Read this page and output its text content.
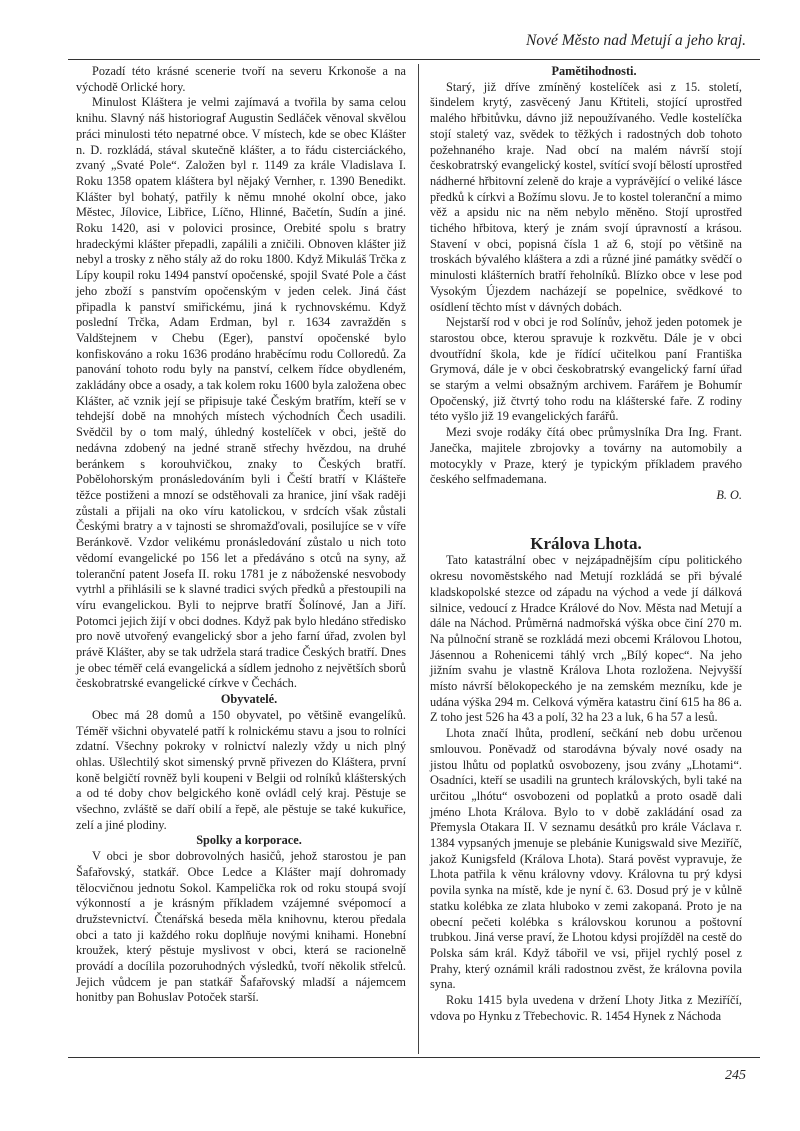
Nové Město nad Metují a jeho kraj.

Pozadí této krásné scenerie tvoří na severu Krkonoše a na východě Orlické hory.

Minulost Kláštera je velmi zajímavá a tvořila by sama celou knihu. Slavný náš historiograf Augustin Sedláček věnoval skvělou práci minulosti této nepatrné obce. V místech, kde se obec Klášter n. D. rozkládá, stával skutečně klášter, a to řádu cisterciáckého, zvaný „Svaté Pole“. Založen byl r. 1149 za krále Vladislava I. Roku 1358 opatem kláštera byl nějaký Vernher, r. 1390 Benedikt. Klášter byl bohatý, patřily k němu mnohé okolní obce, jako Městec, Jílovice, Libřice, Líčno, Hlinné, Bačetín, Sudín a jiné. Roku 1420, asi v polovici prosince, Orebité spolu s bratry hradeckými klášter přepadli, zapálili a zničili. Obnoven klášter již nebyl a trosky z něho stály až do roku 1800. Když Mikuláš Trčka z Lípy koupil roku 1494 panství opočenské, spojil Svaté Pole a část jeho zboží s panstvím opočenským v jeden celek. Jiná část připadla k panství smiřickému, jiná k rychnovskému. Když poslední Trčka, Adam Erdman, byl r. 1634 zavražděn s Valdštejnem v Chebu (Eger), panství opočenské bylo konfiskováno a roku 1636 prodáno hraběcímu rodu Colloredů. Za panování tohoto rodu byly na panství, celkem řídce obydleném, zakládány obce a osady, a tak kolem roku 1600 byla založena obec Klášter, ač vznik její se připisuje také Českým bratřím, kteří se v tehdejší době na mnohých místech východních Čech usadili. Svědčil by o tom malý, úhledný kostelíček v obci, ještě do nedávna zdobený na jedné straně střechy hvězdou, na druhé beránkem s korouhvičkou, znaky to Českých bratří. Pobělohorským pronásledováním byli i Čeští bratří v Klášteře těžce postiženi a mnozí se odstěhovali za hranice, jiní však raději zůstali a přijali na oko víru katolickou, v srdcích však zůstali Českými bratry a v tajnosti se shromažďovali, posilujíce se v víře Beránkově. Vzdor velikému pronásledování zůstalo u nich toto vědomí evangelické po 156 let a předáváno s otců na syny, až toleranční patent Josefa II. roku 1781 je z náboženské nesvobody vytrhl a přihlásili se k slavné tradici svých předků a přestoupili na víru evangelickou. Byli to nejprve bratří Šolínové, Jan a Jiří. Potomci jejich žijí v obci dodnes. Když pak bylo hledáno středisko pro nově utvořený evangelický sbor a jeho farní úřad, zvolen byl právě Klášter, aby se tak udržela stará tradice Českých bratří. Dnes je obec téměř celá evangelická a sídlem jednoho z největších sborů českobratrské evangelické církve v Čechách.

Obyvatelé.

Obec má 28 domů a 150 obyvatel, po většině evangelíků. Téměř všichni obyvatelé patří k rolnickému stavu a jsou to rolníci zdatní. Všechny pokroky v rolnictví nalezly vždy u nich plný ohlas. Ušlechtilý skot simenský prvně přivezen do Kláštera, první koně belgičtí rovněž byli koupeni v Belgii od rolníků klášterských a od té doby chov belgického koně ovládl celý kraj. Pěstuje se všechno, zvláště se daří obilí a řepě, ale pěstuje se také kukuřice, zelí a jiné plodiny.

Spolky a korporace.

V obci je sbor dobrovolných hasičů, jehož starostou je pan Šafařovský, statkář. Obce Ledce a Klášter mají dohromady tělocvičnou jednotu Sokol. Kampelička rok od roku stoupá svojí výkonností a je krásným příkladem vzájemné svépomocí a družstevnictví. Čtenářská beseda měla knihovnu, kterou předala obci a tato ji každého roku doplňuje novými knihami. Honební kroužek, který pěstuje myslivost v obci, která se racionelně provádí a docílila pozoruhodných výsledků, tvoří několik střelců. Jejich vůdcem je pan statkář Šafařovský mladší a nájemcem honitby pan Bohuslav Potoček starší.

Pamětihodnosti.

Starý, již dříve zmíněný kostelíček asi z 15. století, šindelem krytý, zasvěcený Janu Křtiteli, stojící uprostřed malého hřbitůvku, dávno již nepoužívaného. Vedle kostelíčka stojí staletý vaz, svědek to těžkých i radostných dob tohoto požehnaného kraje. Nad obcí na malém návrší stojí českobratrský evangelický kostel, svítící svojí bělostí uprostřed nádherné hřbitovní zeleně do kraje a vyprávějící o veliké lásce předků k církvi a Božímu slovu. Je to kostel toleranční a mimo věž a apsidu nic na něm nebylo měněno. Stojí uprostřed tichého hřbitova, který je znám svojí úpravností a krásou. Stavení v obci, popisná čísla 1 až 6, stojí po většině na troskách bývalého kláštera a zdi a různé jiné památky svědčí o minulosti klášterních bratří řeholníků. Blízko obce v lese pod Vysokým Újezdem nacházejí se popelnice, svědkové to osídlení těchto míst v dávných dobách.

Nejstarší rod v obci je rod Solínův, jehož jeden potomek je starostou obce, kterou spravuje k rozkvětu. Dále je v obci dvoutřídní škola, kde je řídící učitelkou paní Františka Grymová, dále je v obci českobratrský evangelický farní úřad se starým a velmi obsažným archivem. Farářem je Bohumír Opočenský, již čtvrtý toho rodu na klášterské faře. Z rodiny této vyšlo již 19 evangelických farářů.

Mezi svoje rodáky čítá obec průmyslníka Dra Ing. Frant. Janečka, majitele zbrojovky a továrny na automobily a motocykly v Praze, který je typickým příkladem pravého českého selfmademana.

B. O.

Králova Lhota.

Tato katastrální obec v nejzápadnějším cípu politického okresu novoměstského nad Metují rozkládá se při bývalé kladskopolské stezce od západu na východ a vede jí dálková silnice, vedoucí z Hradce Králové do Nov. Města nad Metují a dále na Náchod. Průměrná nadmořská výška obce činí 270 m. Na půlnoční straně se rozkládá mezi obcemi Královou Lhotou, Jásennou a Rohenicemi táhlý vrch „Bílý kopec“. Na jeho jižním svahu je vlastně Králova Lhota rozložena. Nejvyšší místo návrší bělokopeckého je na zemském mezníku, kde je udána výška 294 m. Celková výměra katastru činí 615 ha 86 a. Z toho jest 526 ha 43 a polí, 32 ha 23 a luk, 6 ha 57 a lesů.

Lhota značí lhůta, prodlení, sečkání neb dobu určenou smlouvou. Poněvadž od starodávna bývaly nové osady na jistou lhůtu od poplatků osvobozeny, jsou zvány „Lhotami“. Osadníci, kteří se usadili na gruntech královských, byli také na určitou „lhótu“ osvobozeni od poplatků a proto osadě dali jméno Lhota Králova. Bylo to v době zakládání osad za Přemysla Otakara II. V seznamu desátků pro krále Václava r. 1384 vypsaných jmenuje se plebánie Kunigswald sive Meziříč, jakož Kunigsfeld (Králova Lhota). Stará pověst vypravuje, že Lhota patřila k věnu královny vdovy. Královna tu prý kdysi povila synka na místě, kde je nyní č. 63. Dosud prý je v kůlně statku kolébka ze zlata hluboko v zemi zakopaná. Proto je na obecní pečeti kolébka s královskou korunou a poštovní trubkou. Jiná verse praví, že Lhotou kdysi projížděl na cestě do Polska sám král. Když tábořil ve vsi, přijel rychlý posel z Prahy, který oznámil králi radostnou zvěst, že královna povila syna.

Roku 1415 byla uvedena v držení Lhoty Jitka z Meziříčí, vdova po Hynku z Třebechovic. R. 1454 Hynek z Náchoda

245
